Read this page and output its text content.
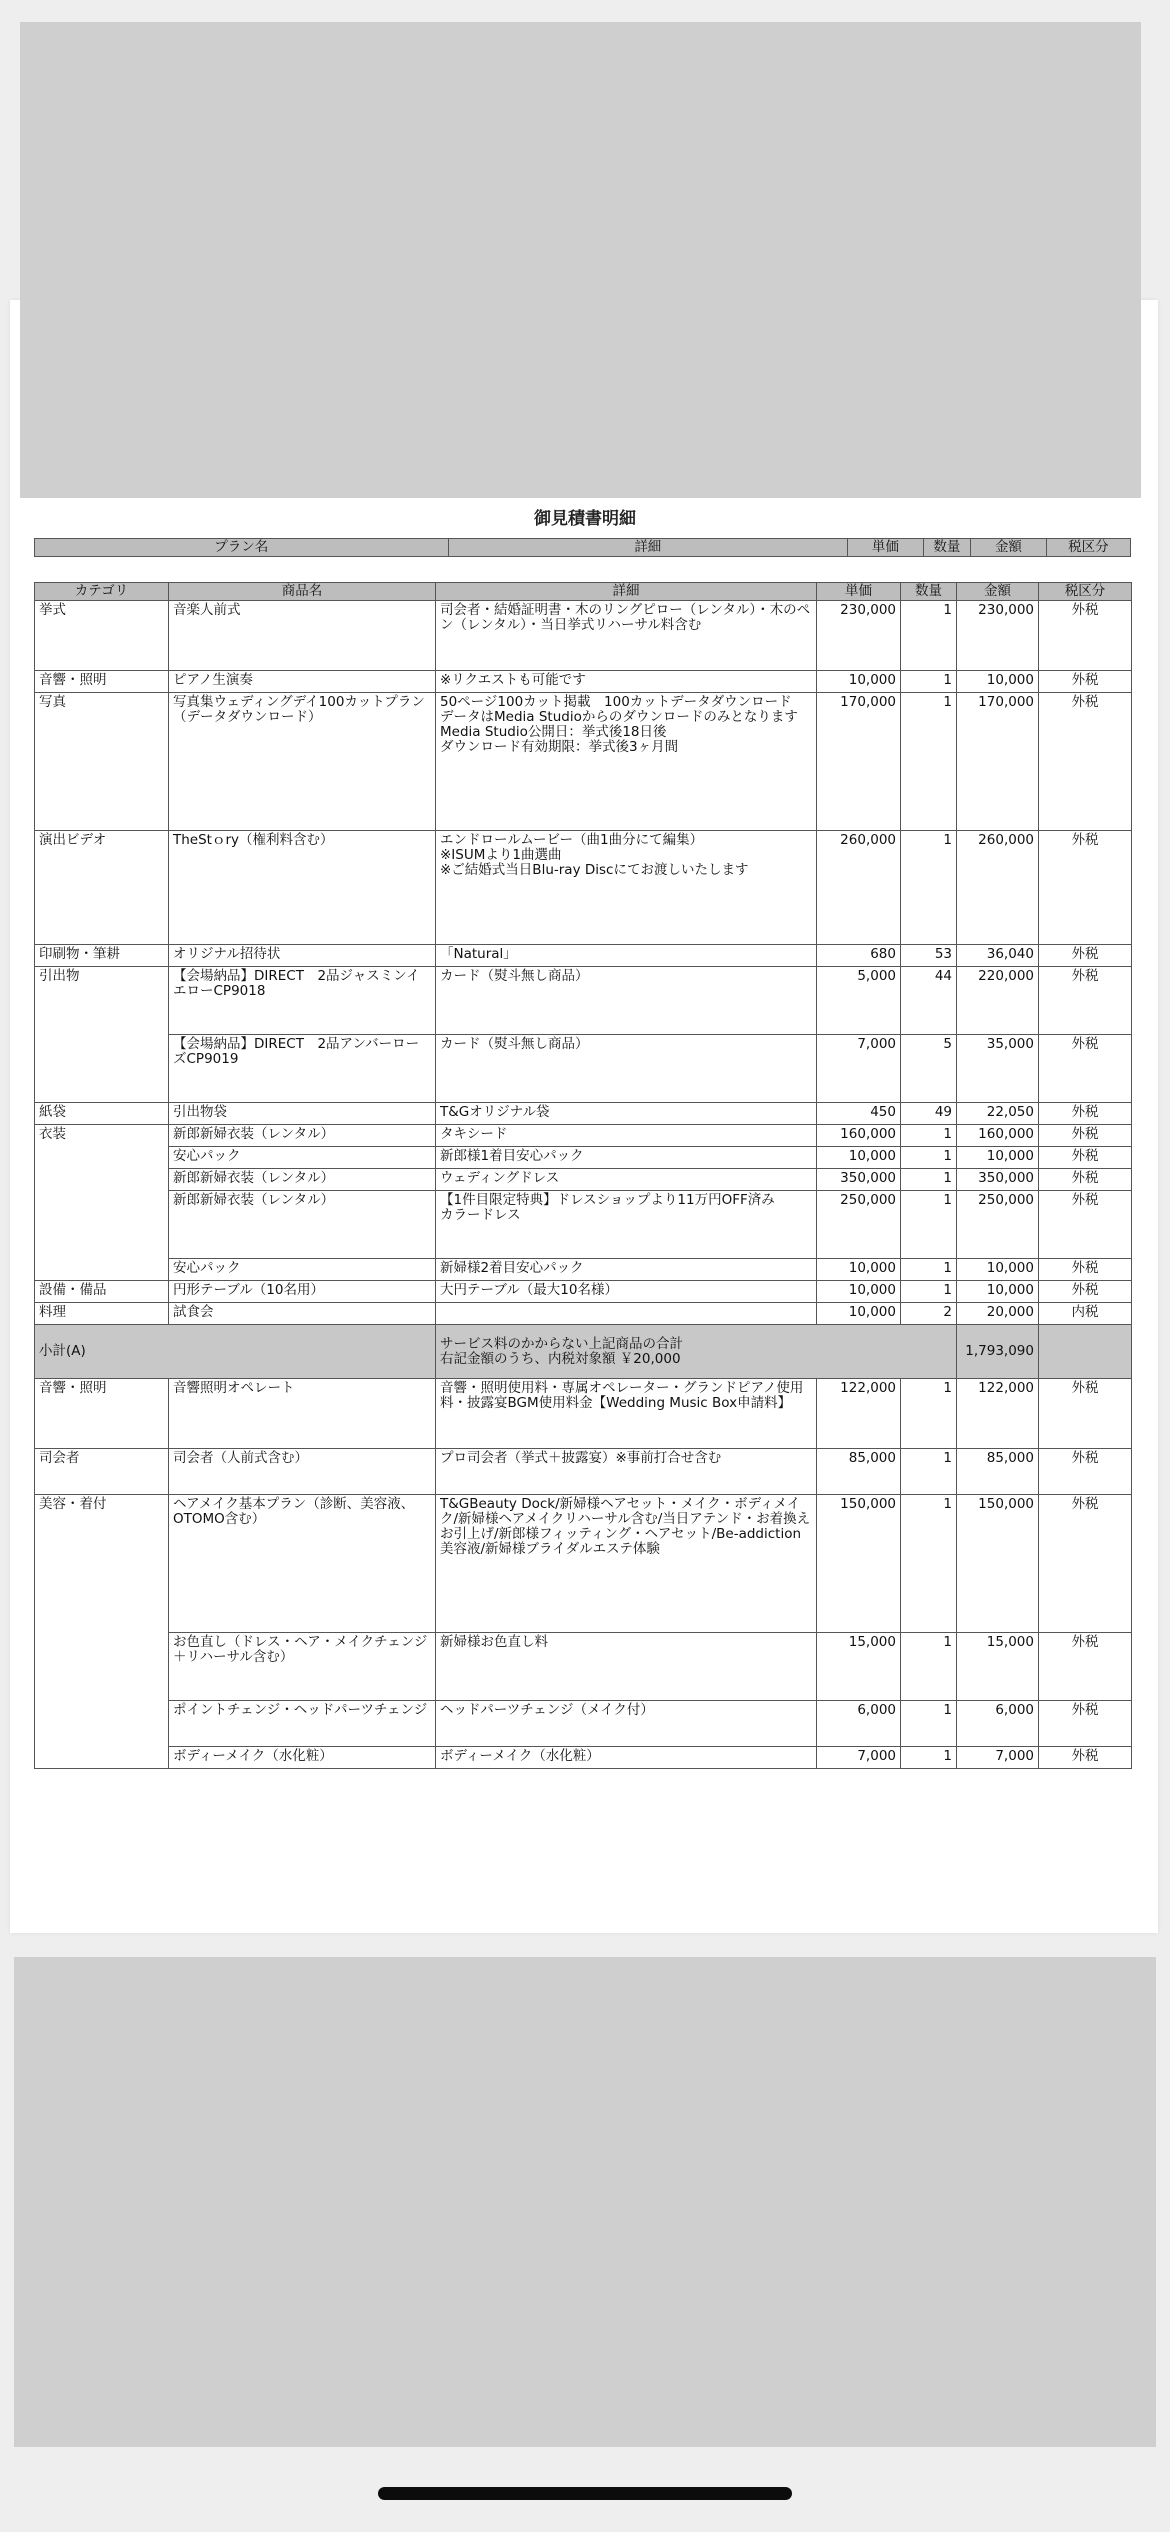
御見積書明細
プラン名	詳細	単価	数量	金額	税区分
カテゴリ	商品名	詳細	単価	数量	金額	税区分
挙式	音楽人前式	司会者・結婚証明書・木のリングピロー（レンタル）・木のペン（レンタル）・当日挙式リハーサル料含む	230,000	1	230,000	外税
音響・照明	ピアノ生演奏	※リクエストも可能です	10,000	1	10,000	外税
写真	写真集ウェディングデイ100カットプラン（データダウンロード）	50ページ100カット掲載　100カットデータダウンロード
データはMedia Studioからのダウンロードのみとなります
Media Studio公開日：挙式後18日後
ダウンロード有効期限：挙式後3ヶ月間	170,000	1	170,000	外税
演出ビデオ	TheStｏry（権利料含む）	エンドロールムービー（曲1曲分にて編集）
※ISUMより1曲選曲
※ご結婚式当日Blu-ray Discにてお渡しいたします	260,000	1	260,000	外税
印刷物・筆耕	オリジナル招待状	「Natural」	680	53	36,040	外税
引出物	【会場納品】DIRECT　2品ジャスミンイエローCP9018	カード（熨斗無し商品）	5,000	44	220,000	外税
	【会場納品】DIRECT　2品アンバーローズCP9019	カード（熨斗無し商品）	7,000	5	35,000	外税
紙袋	引出物袋	T&Gオリジナル袋	450	49	22,050	外税
衣装	新郎新婦衣装（レンタル）	タキシード	160,000	1	160,000	外税
	安心パック	新郎様1着目安心パック	10,000	1	10,000	外税
	新郎新婦衣装（レンタル）	ウェディングドレス	350,000	1	350,000	外税
	新郎新婦衣装（レンタル）	【1件目限定特典】ドレスショップより11万円OFF済み
カラードレス	250,000	1	250,000	外税
	安心パック	新婦様2着目安心パック	10,000	1	10,000	外税
設備・備品	円形テーブル（10名用）	大円テーブル（最大10名様）	10,000	1	10,000	外税
料理	試食会		10,000	2	20,000	内税
小計(A)		サービス料のかからない上記商品の合計
右記金額のうち、内税対象額 ￥20,000			1,793,090	
音響・照明	音響照明オペレート	音響・照明使用料・専属オペレーター・グランドピアノ使用料・披露宴BGM使用料金【Wedding Music Box申請料】	122,000	1	122,000	外税
司会者	司会者（人前式含む）	プロ司会者（挙式＋披露宴）※事前打合せ含む	85,000	1	85,000	外税
美容・着付	ヘアメイク基本プラン（診断、美容液、OTOMO含む）	T&GBeauty Dock/新婦様ヘアセット・メイク・ボディメイク/新婦様ヘアメイクリハーサル含む/当日アテンド・お着換えお引上げ/新郎様フィッティング・ヘアセット/Be-addiction美容液/新婦様ブライダルエステ体験	150,000	1	150,000	外税
	お色直し（ドレス・ヘア・メイクチェンジ＋リハーサル含む）	新婦様お色直し料	15,000	1	15,000	外税
	ポイントチェンジ・ヘッドパーツチェンジ	ヘッドパーツチェンジ（メイク付）	6,000	1	6,000	外税
	ボディーメイク（水化粧）	ボディーメイク（水化粧）	7,000	1	7,000	外税
